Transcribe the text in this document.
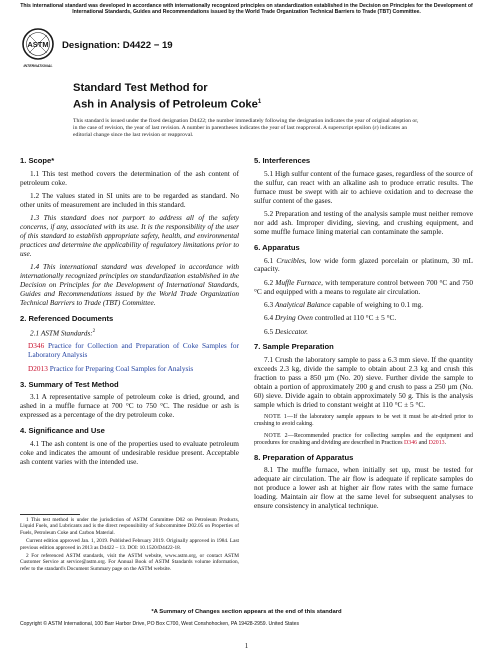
This international standard was developed in accordance with internationally recognized principles on standardization established in the Decision on Principles for the Development of International Standards, Guides and Recommendations issued by the World Trade Organization Technical Barriers to Trade (TBT) Committee.
ASTM
INTERNATIONAL
Designation: D4422 − 19
Standard Test Method for
Ash in Analysis of Petroleum Coke$^1$
This standard is issued under the fixed designation D4422; the number immediately following the designation indicates the year of original adoption or, in the case of revision, the year of last revision. A number in parentheses indicates the year of last reapproval. A superscript epsilon (ε) indicates an editorial change since the last revision or reapproval.
1. Scope*

1.1 This test method covers the determination of the ash content of petroleum coke.

1.2 The values stated in SI units are to be regarded as standard. No other units of measurement are included in this standard.

1.3 This standard does not purport to address all of the safety concerns, if any, associated with its use. It is the responsibility of the user of this standard to establish appropriate safety, health, and environmental practices and determine the applicability of regulatory limitations prior to use.

1.4 This international standard was developed in accordance with internationally recognized principles on standardization established in the Decision on Principles for the Development of International Standards, Guides and Recommendations issued by the World Trade Organization Technical Barriers to Trade (TBT) Committee.

2. Referenced Documents

2.1 ASTM Standards:$^2$

D346 Practice for Collection and Preparation of Coke Samples for Laboratory Analysis

D2013 Practice for Preparing Coal Samples for Analysis

3. Summary of Test Method

3.1 A representative sample of petroleum coke is dried, ground, and ashed in a muffle furnace at 700 °C to 750 °C. The residue or ash is expressed as a percentage of the dry petroleum coke.

4. Significance and Use

4.1 The ash content is one of the properties used to evaluate petroleum coke and indicates the amount of undesirable residue present. Acceptable ash content varies with the intended use.

1 This test method is under the jurisdiction of ASTM Committee D02 on Petroleum Products, Liquid Fuels, and Lubricants and is the direct responsibility of Subcommittee D02.05 on Properties of Fuels, Petroleum Coke and Carbon Material.

Current edition approved Jan. 1, 2019. Published February 2019. Originally approved in 1984. Last previous edition approved in 2013 as D4422 – 13. DOI: 10.1520/D4422-18.

2 For referenced ASTM standards, visit the ASTM website, www.astm.org, or contact ASTM Customer Service at service@astm.org. For Annual Book of ASTM Standards volume information, refer to the standard's Document Summary page on the ASTM website.

5. Interferences

5.1 High sulfur content of the furnace gases, regardless of the source of the sulfur, can react with an alkaline ash to produce erratic results. The furnace must be swept with air to achieve oxidation and to decrease the sulfur content of the gases.

5.2 Preparation and testing of the analysis sample must neither remove nor add ash. Improper dividing, sieving, and crushing equipment, and some muffle furnace lining material can contaminate the sample.

6. Apparatus

6.1 Crucibles, low wide form glazed porcelain or platinum, 30 mL capacity.

6.2 Muffle Furnace, with temperature control between 700 °C and 750 °C and equipped with a means to regulate air circulation.

6.3 Analytical Balance capable of weighing to 0.1 mg.

6.4 Drying Oven controlled at 110 °C ± 5 °C.

6.5 Desiccator.

7. Sample Preparation

7.1 Crush the laboratory sample to pass a 6.3 mm sieve. If the quantity exceeds 2.3 kg, divide the sample to obtain about 2.3 kg and crush this fraction to pass a 850 µm (No. 20) sieve. Further divide the sample to obtain a portion of approximately 200 g and crush to pass a 250 µm (No. 60) sieve. Divide again to obtain approximately 50 g. This is the analysis sample which is dried to constant weight at 110 °C ± 5 °C.

NOTE 1—If the laboratory sample appears to be wet it must be air-dried prior to crushing to avoid caking.

NOTE 2—Recommended practice for collecting samples and the equipment and procedures for crushing and dividing are described in Practices D346 and D2013.

8. Preparation of Apparatus

8.1 The muffle furnace, when initially set up, must be tested for adequate air circulation. The air flow is adequate if replicate samples do not produce a lower ash at higher air flow rates with the same furnace loading. Maintain air flow at the same level for subsequent analyses to ensure consistency in analytical technique.

*A Summary of Changes section appears at the end of this standard
Copyright © ASTM International, 100 Barr Harbor Drive, PO Box C700, West Conshohocken, PA 19428-2959. United States
1
